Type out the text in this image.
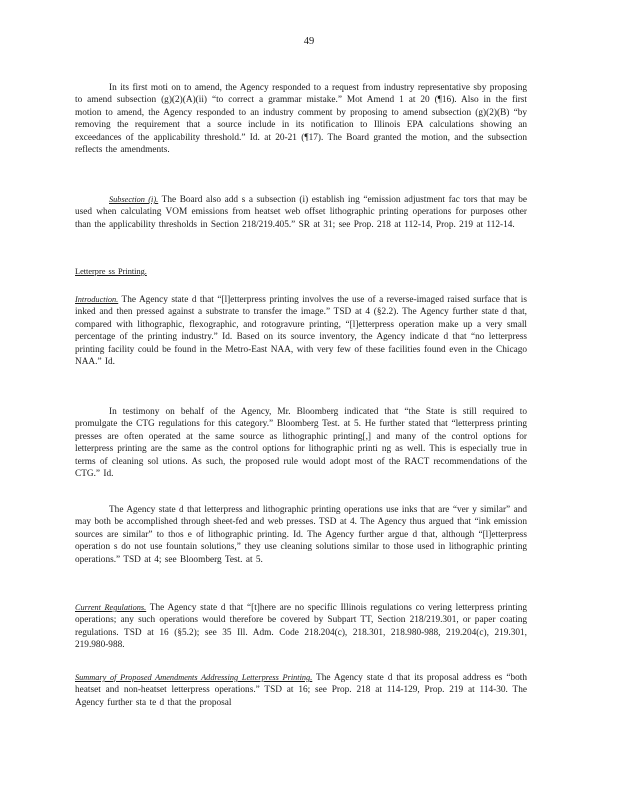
49

In its first moti on to amend, the Agency responded to a request from industry representative sby proposing to amend subsection (g)(2)(A)(ii) “to correct a grammar mistake.” Mot Amend 1 at 20 (¶16). Also in the first motion to amend, the Agency responded to an industry comment by proposing to amend subsection (g)(2)(B) “by removing the requirement that a source include in its notification to Illinois EPA calculations showing an exceedances of the applicability threshold.” Id. at 20-21 (¶17). The Board granted the motion, and the subsection reflects the amendments.

Subsection (i). The Board also add s a subsection (i) establish ing “emission adjustment fac tors that may be used when calculating VOM emissions from heatset web offset lithographic printing operations for purposes other than the applicability thresholds in Section 218/219.405.” SR at 31; see Prop. 218 at 112-14, Prop. 219 at 112-14.

Letterpre ss Printing.

Introduction. The Agency state d that “[l]etterpress printing involves the use of a reverse-imaged raised surface that is inked and then pressed against a substrate to transfer the image.” TSD at 4 (§2.2). The Agency further state d that, compared with lithographic, flexographic, and rotogravure printing, “[l]etterpress operation make up a very small percentage of the printing industry.” Id. Based on its source inventory, the Agency indicate d that “no letterpress printing facility could be found in the Metro-East NAA, with very few of these facilities found even in the Chicago NAA.” Id.

In testimony on behalf of the Agency, Mr. Bloomberg indicated that “the State is still required to promulgate the CTG regulations for this category.” Bloomberg Test. at 5. He further stated that “letterpress printing presses are often operated at the same source as lithographic printing[,] and many of the control options for letterpress printing are the same as the control options for lithographic printi ng as well. This is especially true in terms of cleaning sol utions. As such, the proposed rule would adopt most of the RACT recommendations of the CTG.” Id.

The Agency state d that letterpress and lithographic printing operations use inks that are “ver y similar” and may both be accomplished through sheet-fed and web presses. TSD at 4. The Agency thus argued that “ink emission sources are similar” to thos e of lithographic printing. Id. The Agency further argue d that, although “[l]etterpress operation s do not use fountain solutions,” they use cleaning solutions similar to those used in lithographic printing operations.” TSD at 4; see Bloomberg Test. at 5.

Current Regulations. The Agency state d that “[t]here are no specific Illinois regulations co vering letterpress printing operations; any such operations would therefore be covered by Subpart TT, Section 218/219.301, or paper coating regulations. TSD at 16 (§5.2); see 35 Ill. Adm. Code 218.204(c), 218.301, 218.980-988, 219.204(c), 219.301, 219.980-988.

Summary of Proposed Amendments Addressing Letterpress Printing. The Agency state d that its proposal address es “both heatset and non-heatset letterpress operations.” TSD at 16; see Prop. 218 at 114-129, Prop. 219 at 114-30. The Agency further sta te d that the proposal
